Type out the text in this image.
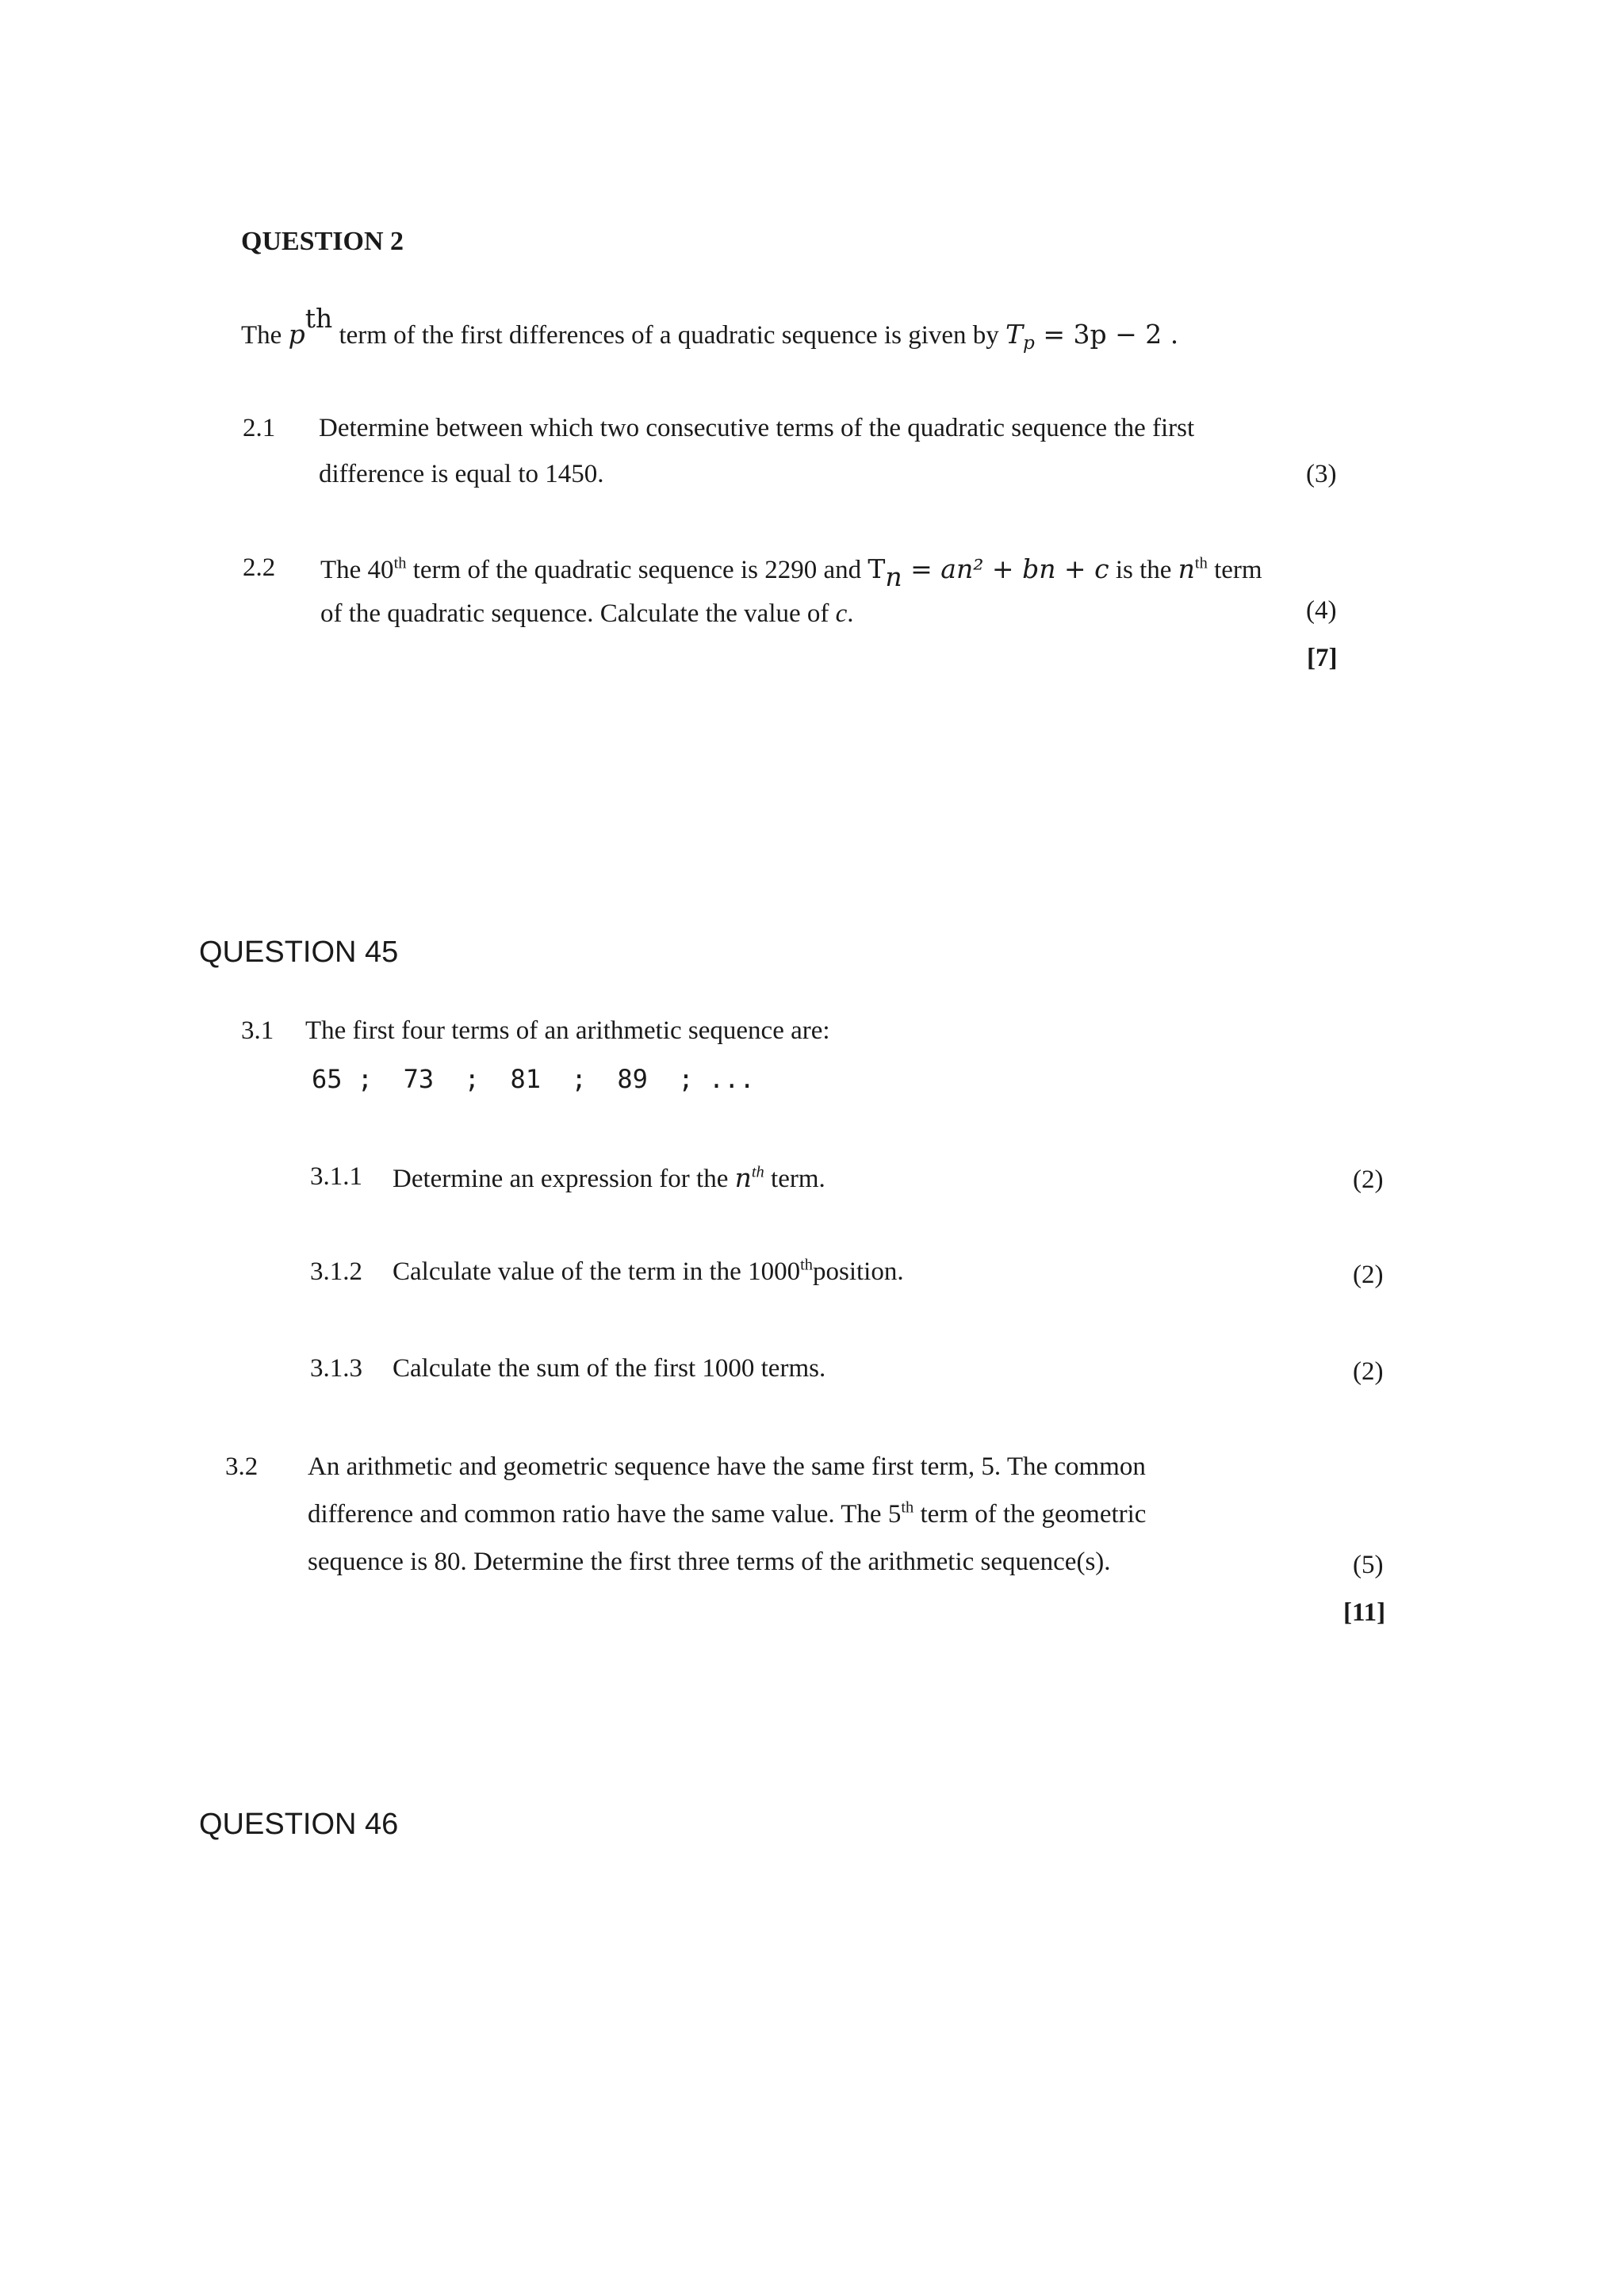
QUESTION 2
The $p^{th}$ term of the first differences of a quadratic sequence is given by $T_p = 3p - 2$ .
2.1 Determine between which two consecutive terms of the quadratic sequence the first
difference is equal to 1450.	(3)
2.2 The 40th term of the quadratic sequence is 2290 and $T_n = an^2$ + bn + c is the $n^{th}$ term
of the quadratic sequence. Calculate the value of c.	(4)
[7]
QUESTION 45
3.1 The first four terms of an arithmetic sequence are:
65 ;  73  ;  81  ;  89  ; ...
3.1.1 Determine an expression for the $n^{th}$ term.	(2)
3.1.2 Calculate value of the term in the 1000thposition.	(2)
3.1.3 Calculate the sum of the first 1000 terms.	(2)
3.2 An arithmetic and geometric sequence have the same first term, 5. The common
difference and common ratio have the same value. The 5th term of the geometric
sequence is 80. Determine the first three terms of the arithmetic sequence(s).	(5)
[11]
QUESTION 46
